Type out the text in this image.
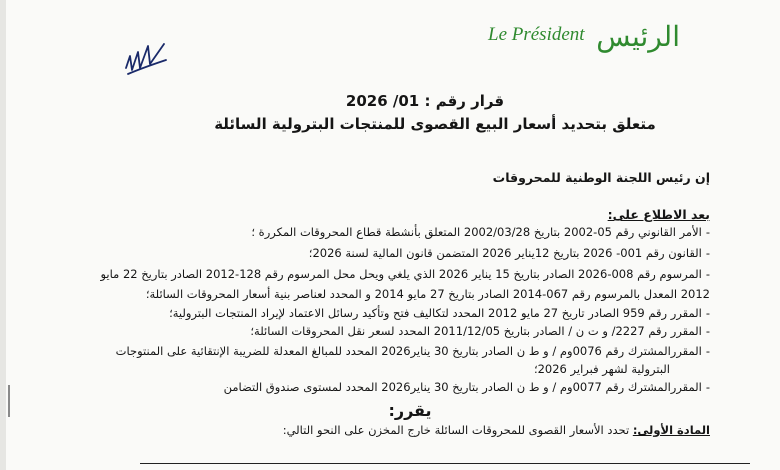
الرئيس
Le Président
قرار رقم : 01/ 2026
متعلق بتحديد أسعار البيع القصوى للمنتجات البترولية السائلة
إن رئيس اللجنة الوطنية للمحروقات
بعد الاطلاع على:
-الأمر القانوني رقم 05-2002 بتاريخ 2002/03/28 المتعلق بأنشطة قطاع المحروقات المكررة ؛
-القانون رقم 001- 2026 بتاريخ 12يناير 2026 المتضمن قانون المالية لسنة 2026؛
-المرسوم رقم 008-2026 الصادر بتاريخ 15 يناير 2026 الذي يلغي ويحل محل المرسوم رقم 128-2012 الصادر بتاريخ 22 مايو
2012 المعدل بالمرسوم رقم 067-2014 الصادر بتاريخ 27 مايو 2014 و المحدد لعناصر بنية أسعار المحروقات السائلة؛
-المقرر رقم 959 الصادر تاريخ 27 مايو 2012 المحدد لتكاليف فتح وتأكيد رسائل الاعتماد لإيراد المنتجات البترولية؛
-المقرر رقم 2227/ و ت ن / الصادر بتاريخ 2011/12/05 المحدد لسعر نقل المحروقات السائلة؛
-المقررالمشترك رقم 0076وم / و ط ن الصادر بتاريخ 30 يناير2026 المحدد للمبالغ المعدلة للضريبة الإنتقائية على المنتوجات
البترولية لشهر فبراير 2026؛
-المقررالمشترك رقم 0077وم / و ط ن الصادر بتاريخ 30 يناير2026 المحدد لمستوى صندوق التضامن
يقرر:
المادة الأولى: تحدد الأسعار القصوى للمحروقات السائلة خارج المخزن على النحو التالي:
